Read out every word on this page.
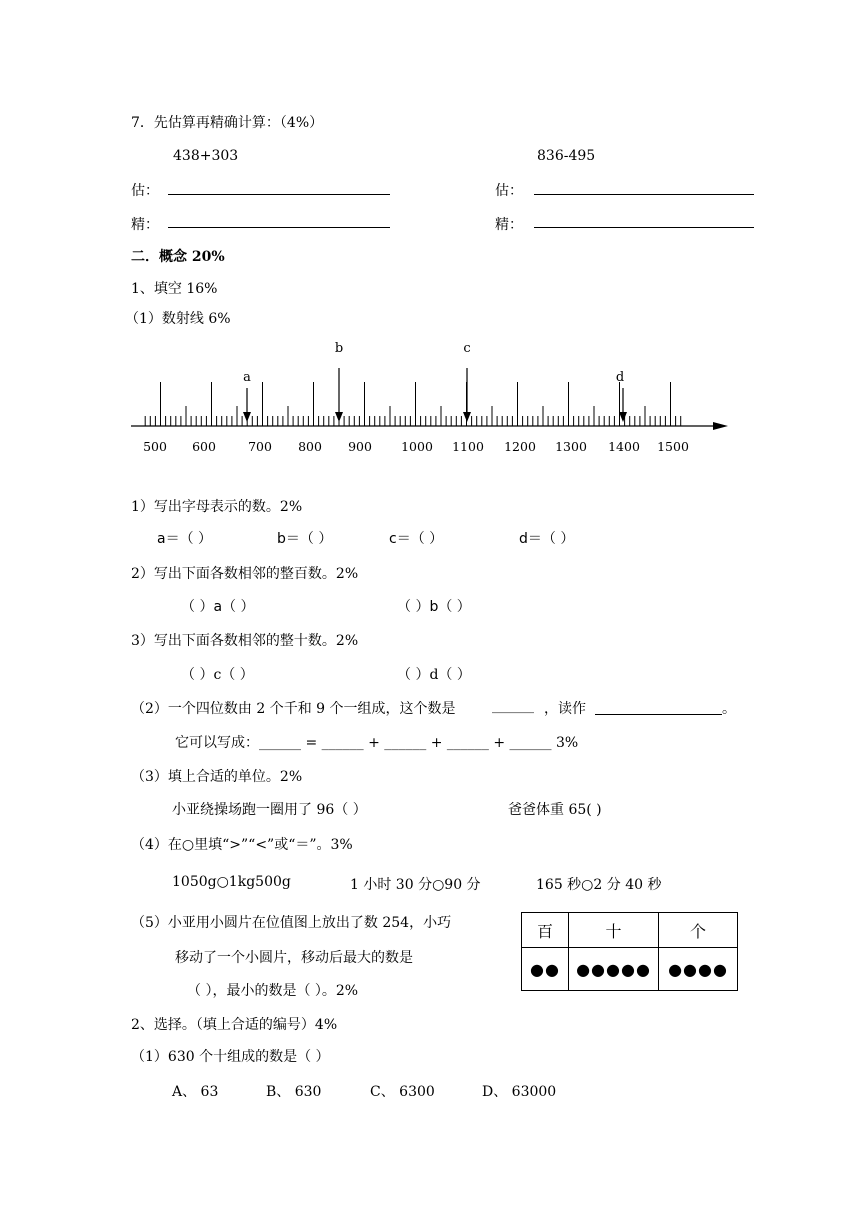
7．先估算再精确计算：（4%）
438+303	836-495
估：	估：
精：	精：
二．概念 20%
1、填空 16%
（1）数射线 6%
500 600	700 800 900 1000 1100 1200 1300 1400 1500
a
b	c
d
1）写出字母表示的数。2%
a＝（ ）	b＝（ ）	c＝（ ）	d＝（ ）
2）写出下面各数相邻的整百数。2%
（ ）a（ ）	（ ）b（ ）
3）写出下面各数相邻的整十数。2%
（ ）c（ ）	（ ）d（ ）
（2）一个四位数由 2 个千和 9 个一组成，这个数是	______ ，读作	。
它可以写成：______ = ______ + ______ + ______ + ______ 3%
（3）填上合适的单位。2%
小亚绕操场跑一圈用了 96（ ）	爸爸体重 65( )
（4）在○里填“>”“<”或“＝”。3%
1050g○1kg500g	1 小时 30 分○90 分	165 秒○2 分 40 秒
（5）小亚用小圆片在位值图上放出了数 254，小巧
移动了一个小圆片，移动后最大的数是
（ ），最小的数是（ ）。2%
百	十	个
●●	●●●●●	●●●●
2、选择。（填上合适的编号）4%
（1）630 个十组成的数是（ ）
A、 63	B、 630	C、 6300	D、 63000
